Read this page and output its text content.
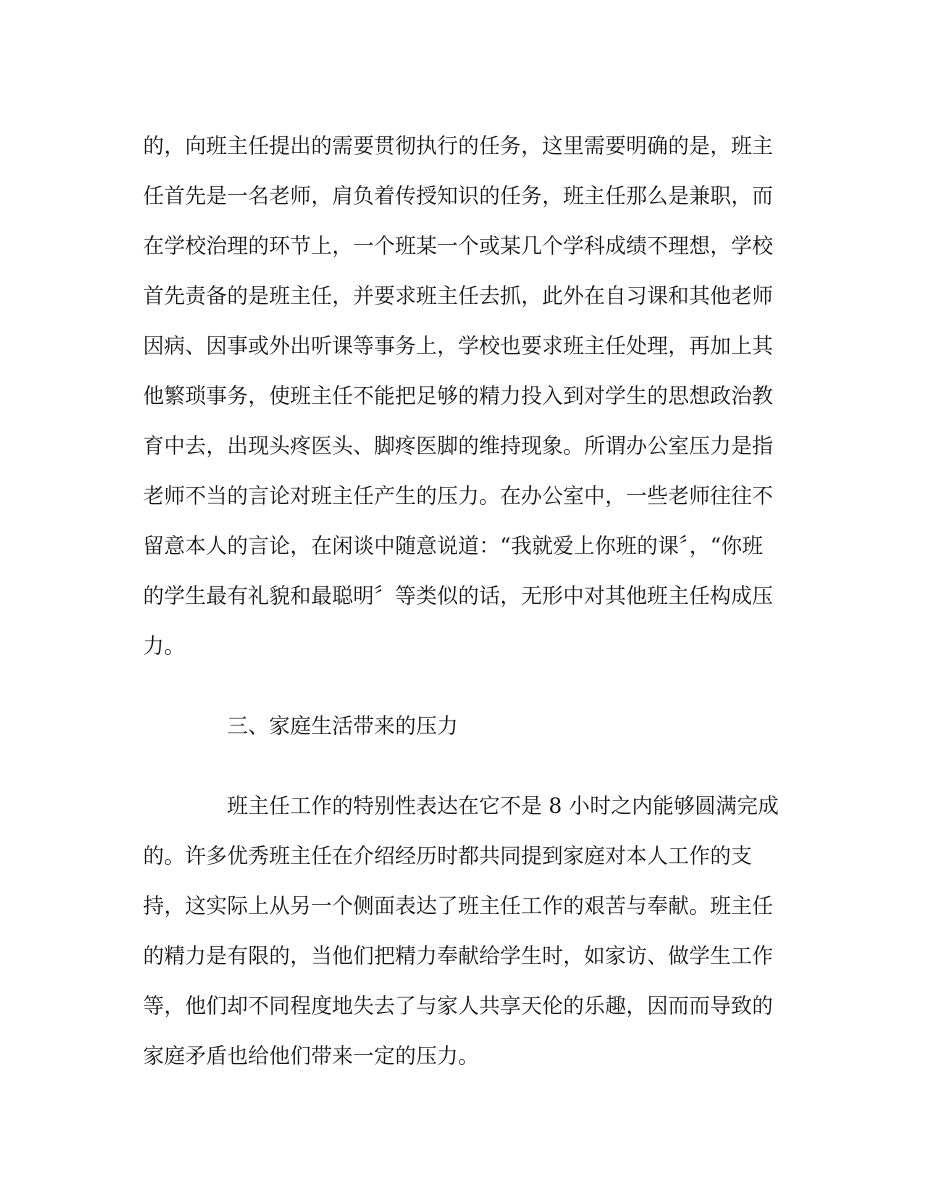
的，向班主任提出的需要贯彻执行的任务，这里需要明确的是，班主
任首先是一名老师，肩负着传授知识的任务，班主任那么是兼职，而
在学校治理的环节上，一个班某一个或某几个学科成绩不理想，学校
首先责备的是班主任，并要求班主任去抓，此外在自习课和其他老师
因病、因事或外出听课等事务上，学校也要求班主任处理，再加上其
他繁琐事务，使班主任不能把足够的精力投入到对学生的思想政治教
育中去，出现头疼医头、脚疼医脚的维持现象。所谓办公室压力是指
老师不当的言论对班主任产生的压力。在办公室中，一些老师往往不
留意本人的言论，在闲谈中随意说道：“我就爱上你班的课〞，“你班
的学生最有礼貌和最聪明〞等类似的话，无形中对其他班主任构成压
力。
三、家庭生活带来的压力
班主任工作的特别性表达在它不是 8 小时之内能够圆满完成
的。许多优秀班主任在介绍经历时都共同提到家庭对本人工作的支
持，这实际上从另一个侧面表达了班主任工作的艰苦与奉献。班主任
的精力是有限的，当他们把精力奉献给学生时，如家访、做学生工作
等，他们却不同程度地失去了与家人共享天伦的乐趣，因而而导致的
家庭矛盾也给他们带来一定的压力。
